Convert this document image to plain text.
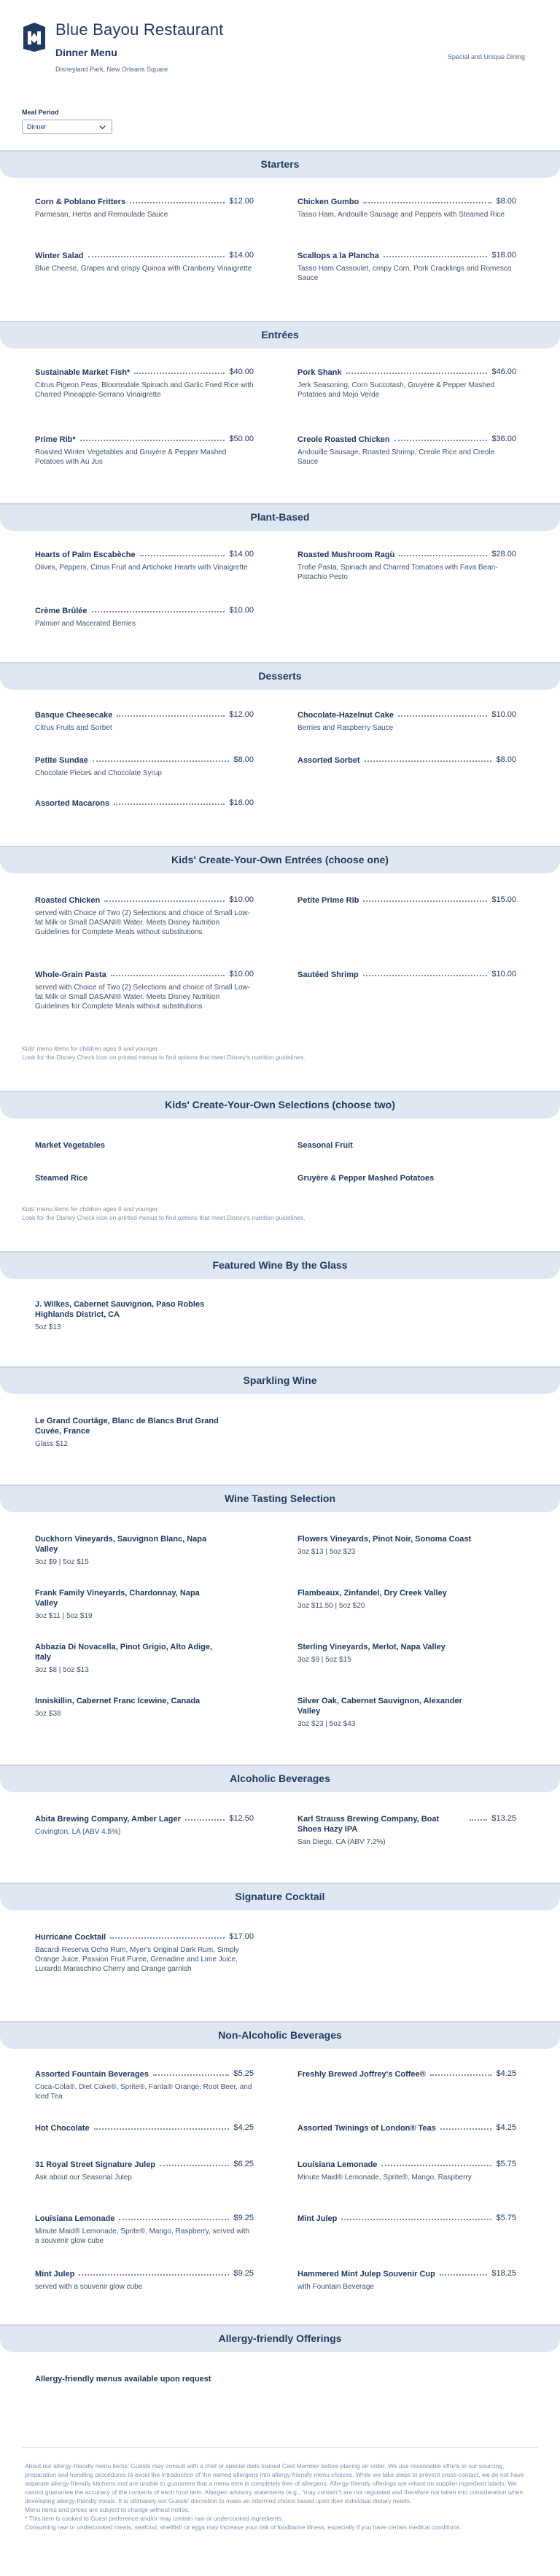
Blue Bayou Restaurant
Dinner Menu
Disneyland Park, New Orleans Square
Special and Unique Dining
Meal Period
Dinner
Starters
Corn & Poblano Fritters	$12.00
Parmesan, Herbs and Remoulade Sauce
Chicken Gumbo	$8.00
Tasso Ham, Andouille Sausage and Peppers with Steamed Rice
Winter Salad	$14.00
Blue Cheese, Grapes and crispy Quinoa with Cranberry Vinaigrette
Scallops a la Plancha	$18.00
Tasso Ham Cassoulet, crispy Corn, Pork Cracklings and Romesco Sauce
Entrées
Sustainable Market Fish*	$40.00
Citrus Pigeon Peas, Bloomsdale Spinach and Garlic Fried Rice with Charred Pineapple-Serrano Vinaigrette
Pork Shank	$46.00
Jerk Seasoning, Corn Succotash, Gruyère & Pepper Mashed Potatoes and Mojo Verde
Prime Rib*	$50.00
Roasted Winter Vegetables and Gruyère & Pepper Mashed Potatoes with Au Jus
Creole Roasted Chicken	$36.00
Andouille Sausage, Roasted Shrimp, Creole Rice and Creole Sauce
Plant-Based
Hearts of Palm Escabèche	$14.00
Olives, Peppers, Citrus Fruit and Artichoke Hearts with Vinaigrette
Roasted Mushroom Ragù	$28.00
Trofie Pasta, Spinach and Charred Tomatoes with Fava Bean-Pistachio Pesto
Crème Brûlée	$10.00
Palmier and Macerated Berries
Desserts
Basque Cheesecake	$12.00
Citrus Fruits and Sorbet
Chocolate-Hazelnut Cake	$10.00
Berries and Raspberry Sauce
Petite Sundae	$8.00
Chocolate Pieces and Chocolate Syrup
Assorted Sorbet	$8.00
Assorted Macarons	$16.00
Kids' Create-Your-Own Entrées (choose one)
Roasted Chicken	$10.00
served with Choice of Two (2) Selections and choice of Small Low-fat Milk or Small DASANI® Water. Meets Disney Nutrition Guidelines for Complete Meals without substitutions
Petite Prime Rib	$15.00
Whole-Grain Pasta	$10.00
served with Choice of Two (2) Selections and choice of Small Low-fat Milk or Small DASANI® Water. Meets Disney Nutrition Guidelines for Complete Meals without substitutions
Sautéed Shrimp	$10.00
Kids' menu items for children ages 9 and younger.
Look for the Disney Check icon on printed menus to find options that meet Disney's nutrition guidelines.
Kids' Create-Your-Own Selections (choose two)
Market Vegetables	Seasonal Fruit
Steamed Rice	Gruyère & Pepper Mashed Potatoes
Kids' menu items for children ages 9 and younger.
Look for the Disney Check icon on printed menus to find options that meet Disney's nutrition guidelines.
Featured Wine By the Glass
J. Wilkes, Cabernet Sauvignon, Paso Robles Highlands District, CA
5oz $13
Sparkling Wine
Le Grand Courtâge, Blanc de Blancs Brut Grand Cuvée, France
Glass $12
Wine Tasting Selection
Duckhorn Vineyards, Sauvignon Blanc, Napa Valley
3oz $9 | 5oz $15
Flowers Vineyards, Pinot Noir, Sonoma Coast
3oz $13 | 5oz $23
Frank Family Vineyards, Chardonnay, Napa Valley
3oz $11 | 5oz $19
Flambeaux, Zinfandel, Dry Creek Valley
3oz $11.50 | 5oz $20
Abbazia Di Novacella, Pinot Grigio, Alto Adige, Italy
3oz $8 | 5oz $13
Sterling Vineyards, Merlot, Napa Valley
3oz $9 | 5oz $15
Inniskillin, Cabernet Franc Icewine, Canada
3oz $38
Silver Oak, Cabernet Sauvignon, Alexander Valley
3oz $23 | 5oz $43
Alcoholic Beverages
Abita Brewing Company, Amber Lager	$12.50
Covington, LA (ABV 4.5%)
Karl Strauss Brewing Company, Boat Shoes Hazy IPA
$13.25
San Diego, CA (ABV 7.2%)
Signature Cocktail
Hurricane Cocktail	$17.00
Bacardi Reserva Ocho Rum, Myer's Original Dark Rum, Simply Orange Juice, Passion Fruit Puree, Grenadine and Lime Juice, Luxardo Maraschino Cherry and Orange garnish
Non-Alcoholic Beverages
Assorted Fountain Beverages	$5.25
Coca-Cola®, Diet Coke®, Sprite®, Fanta® Orange, Root Beer, and Iced Tea
Freshly Brewed Joffrey's Coffee®	$4.25
Hot Chocolate	$4.25	Assorted Twinings of London® Teas	$4.25
31 Royal Street Signature Julep	$6.25
Ask about our Seasonal Julep
Louisiana Lemonade	$5.75
Minute Maid® Lemonade, Sprite®, Mango, Raspberry
Louisiana Lemonade	$9.25
Minute Maid® Lemonade, Sprite®, Mango, Raspberry, served with a souvenir glow cube
Mint Julep	$5.75
Mint Julep	$9.25
served with a souvenir glow cube
Hammered Mint Julep Souvenir Cup	$18.25
with Fountain Beverage
Allergy-friendly Offerings
Allergy-friendly menus available upon request
About our allergy-friendly menu items: Guests may consult with a chef or special diets trained Cast Member before placing an order. We use reasonable efforts in our sourcing, preparation and handling procedures to avoid the introduction of the named allergens into allergy-friendly menu choices. While we take steps to prevent cross-contact, we do not have separate allergy-friendly kitchens and are unable to guarantee that a menu item is completely free of allergens. Allergy-friendly offerings are reliant on supplier ingredient labels. We cannot guarantee the accuracy of the contents of each food item. Allergen advisory statements (e.g., "may contain") are not regulated and therefore not taken into consideration when developing allergy-friendly meals. It is ultimately our Guests' discretion to make an informed choice based upon their individual dietary needs.
Menu items and prices are subject to change without notice.
* This item is cooked to Guest preference and/or may contain raw or undercooked ingredients.
Consuming raw or undercooked meats, seafood, shellfish or eggs may increase your risk of foodborne illness, especially if you have certain medical conditions.
